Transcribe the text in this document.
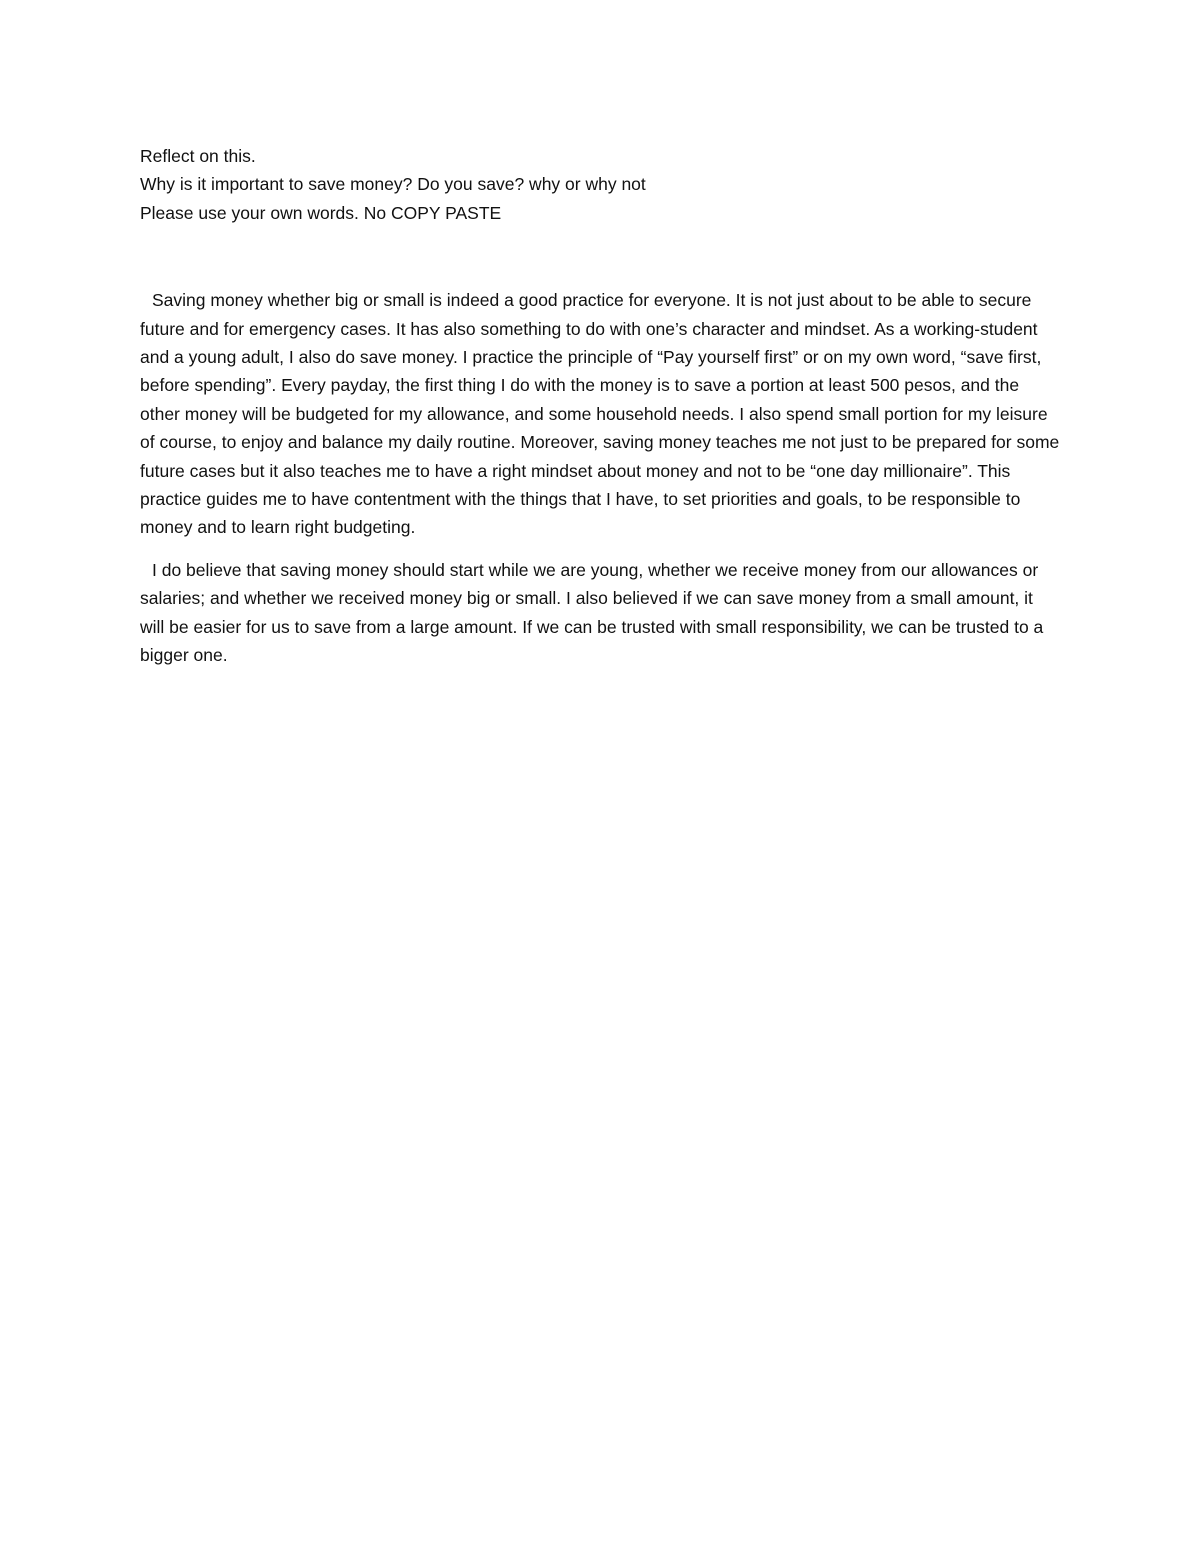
Reflect on this.
Why is it important to save money? Do you save? why or why not
Please use your own words. No COPY PASTE

Saving money whether big or small is indeed a good practice for everyone. It is not just about to be able to secure future and for emergency cases. It has also something to do with one’s character and mindset. As a working-student and a young adult, I also do save money. I practice the principle of “Pay yourself first” or on my own word, “save first, before spending”. Every payday, the first thing I do with the money is to save a portion at least 500 pesos, and the other money will be budgeted for my allowance, and some household needs. I also spend small portion for my leisure of course, to enjoy and balance my daily routine. Moreover, saving money teaches me not just to be prepared for some future cases but it also teaches me to have a right mindset about money and not to be “one day millionaire”. This practice guides me to have contentment with the things that I have, to set priorities and goals, to be responsible to money and to learn right budgeting.

I do believe that saving money should start while we are young, whether we receive money from our allowances or salaries; and whether we received money big or small. I also believed if we can save money from a small amount, it will be easier for us to save from a large amount. If we can be trusted with small responsibility, we can be trusted to a bigger one.
